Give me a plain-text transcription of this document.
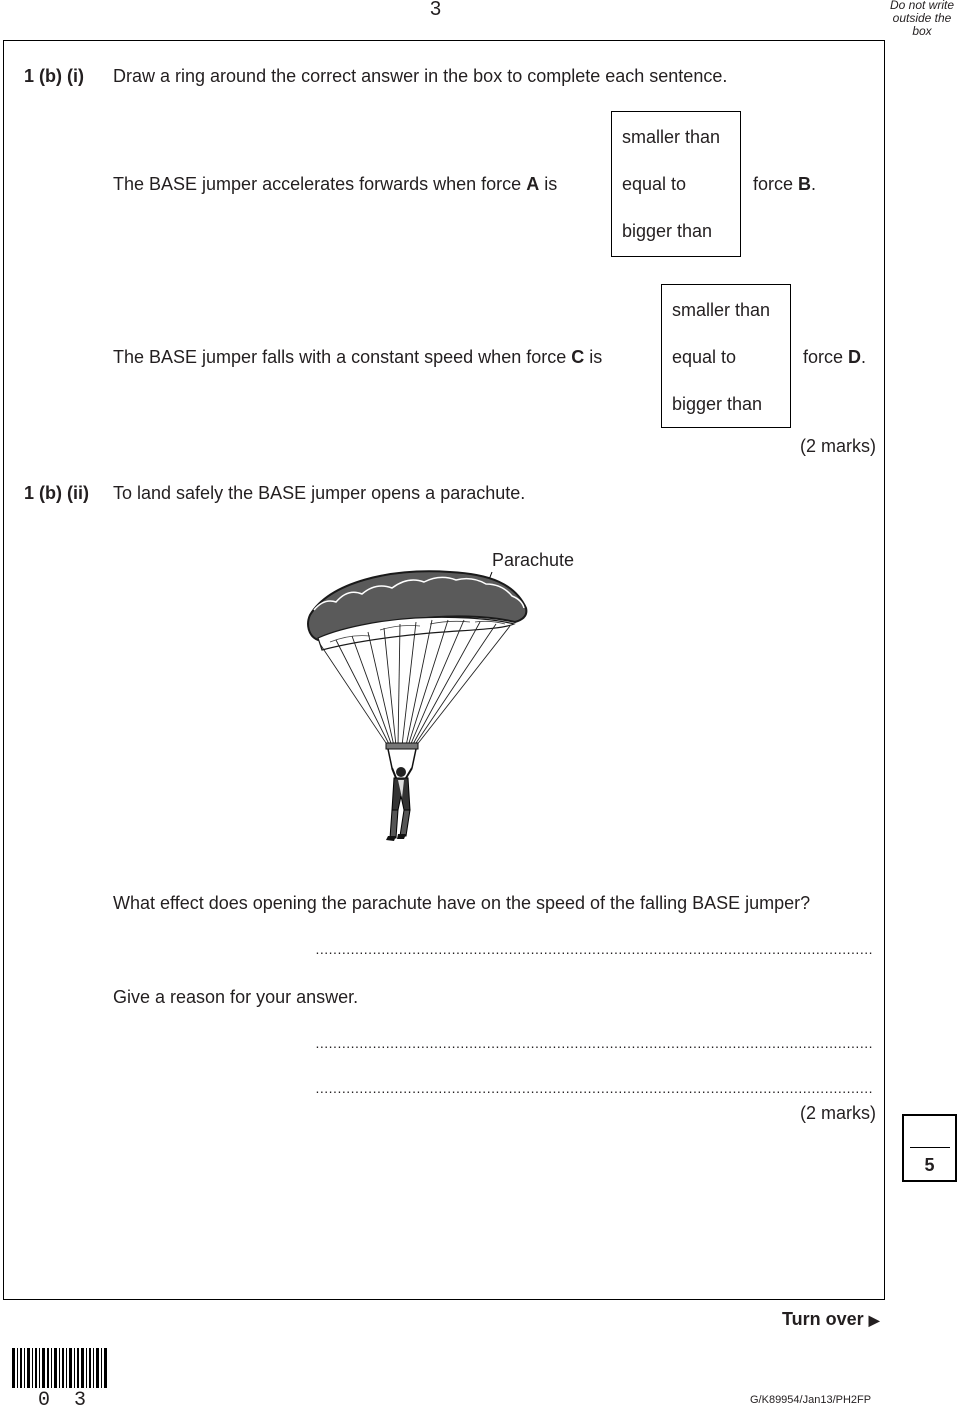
3	Do not write outside the box
1 (b) (i) Draw a ring around the correct answer in the box to complete each sentence.
The BASE jumper accelerates forwards when force A is
smaller than
equal to
bigger than
force B.
The BASE jumper falls with a constant speed when force C is
smaller than
equal to
bigger than
force D.
(2 marks)
1 (b) (ii) To land safely the BASE jumper opens a parachute.
Parachute
What effect does opening the parachute have on the speed of the falling BASE jumper?
...............................................................................................................................
Give a reason for your answer.
...............................................................................................................................
...............................................................................................................................
(2 marks)
5
Turn over ▶
0 3	G/K89954/Jan13/PH2FP
